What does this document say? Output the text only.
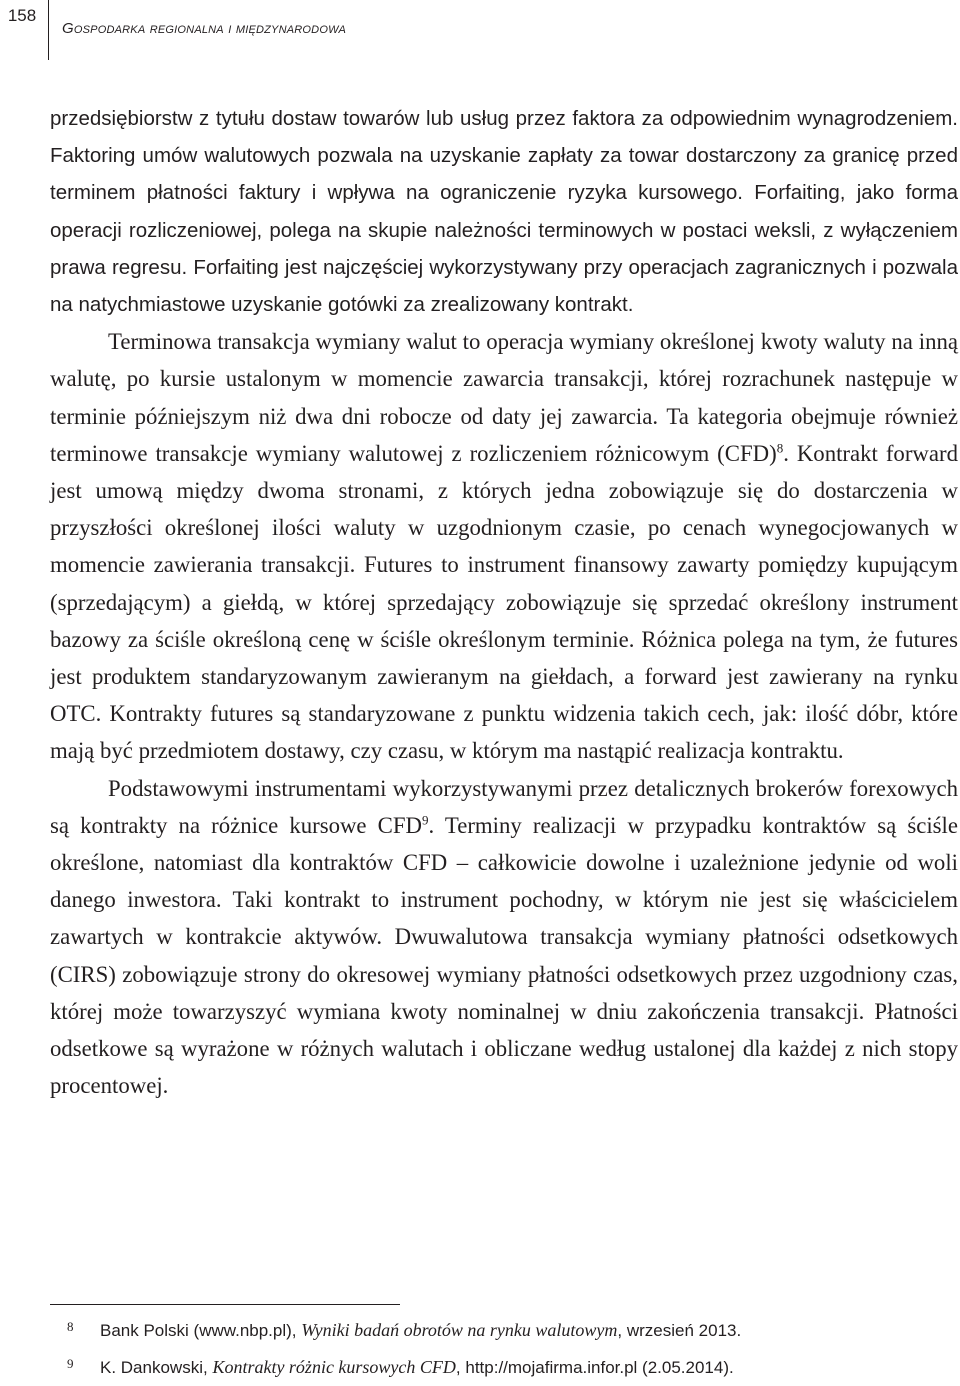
158
Gospodarka regionalna i międzynarodowa

przedsiębiorstw z tytułu dostaw towarów lub usług przez faktora za odpowiednim wynagrodzeniem. Faktoring umów walutowych pozwala na uzyskanie zapłaty za towar dostarczony za granicę przed terminem płatności faktury i wpływa na ograniczenie ryzyka kursowego. Forfaiting, jako forma operacji rozliczeniowej, polega na skupie należności terminowych w postaci weksli, z wyłączeniem prawa regresu. Forfaiting jest najczęściej wykorzystywany przy operacjach zagranicznych i pozwala na natychmiastowe uzyskanie gotówki za zrealizowany kontrakt.

Terminowa transakcja wymiany walut to operacja wymiany określonej kwoty waluty na inną walutę, po kursie ustalonym w momencie zawarcia transakcji, której rozrachunek następuje w terminie późniejszym niż dwa dni robocze od daty jej zawarcia. Ta kategoria obejmuje również terminowe transakcje wymiany walutowej z rozliczeniem różnicowym (CFD)$^8$. Kontrakt forward jest umową między dwoma stronami, z których jedna zobowiązuje się do dostarczenia w przyszłości określonej ilości waluty w uzgodnionym czasie, po cenach wynegocjowanych w momencie zawierania transakcji. Futures to instrument finansowy zawarty pomiędzy kupującym (sprzedającym) a giełdą, w której sprzedający zobowiązuje się sprzedać określony instrument bazowy za ściśle określoną cenę w ściśle określonym terminie. Różnica polega na tym, że futures jest produktem standaryzowanym zawieranym na giełdach, a forward jest zawierany na rynku OTC. Kontrakty futures są standaryzowane z punktu widzenia takich cech, jak: ilość dóbr, które mają być przedmiotem dostawy, czy czasu, w którym ma nastąpić realizacja kontraktu.

Podstawowymi instrumentami wykorzystywanymi przez detalicznych brokerów forexowych są kontrakty na różnice kursowe CFD$^9$. Terminy realizacji w przypadku kontraktów są ściśle określone, natomiast dla kontraktów CFD – całkowicie dowolne i uzależnione jedynie od woli danego inwestora. Taki kontrakt to instrument pochodny, w którym nie jest się właścicielem zawartych w kontrakcie aktywów. Dwuwalutowa transakcja wymiany płatności odsetkowych (CIRS) zobowiązuje strony do okresowej wymiany płatności odsetkowych przez uzgodniony czas, której może towarzyszyć wymiana kwoty nominalnej w dniu zakończenia transakcji. Płatności odsetkowe są wyrażone w różnych walutach i obliczane według ustalonej dla każdej z nich stopy procentowej.

8 Bank Polski (www.nbp.pl), Wyniki badań obrotów na rynku walutowym, wrzesień 2013.
9 K. Dankowski, Kontrakty różnic kursowych CFD, http://mojafirma.infor.pl (2.05.2014).
